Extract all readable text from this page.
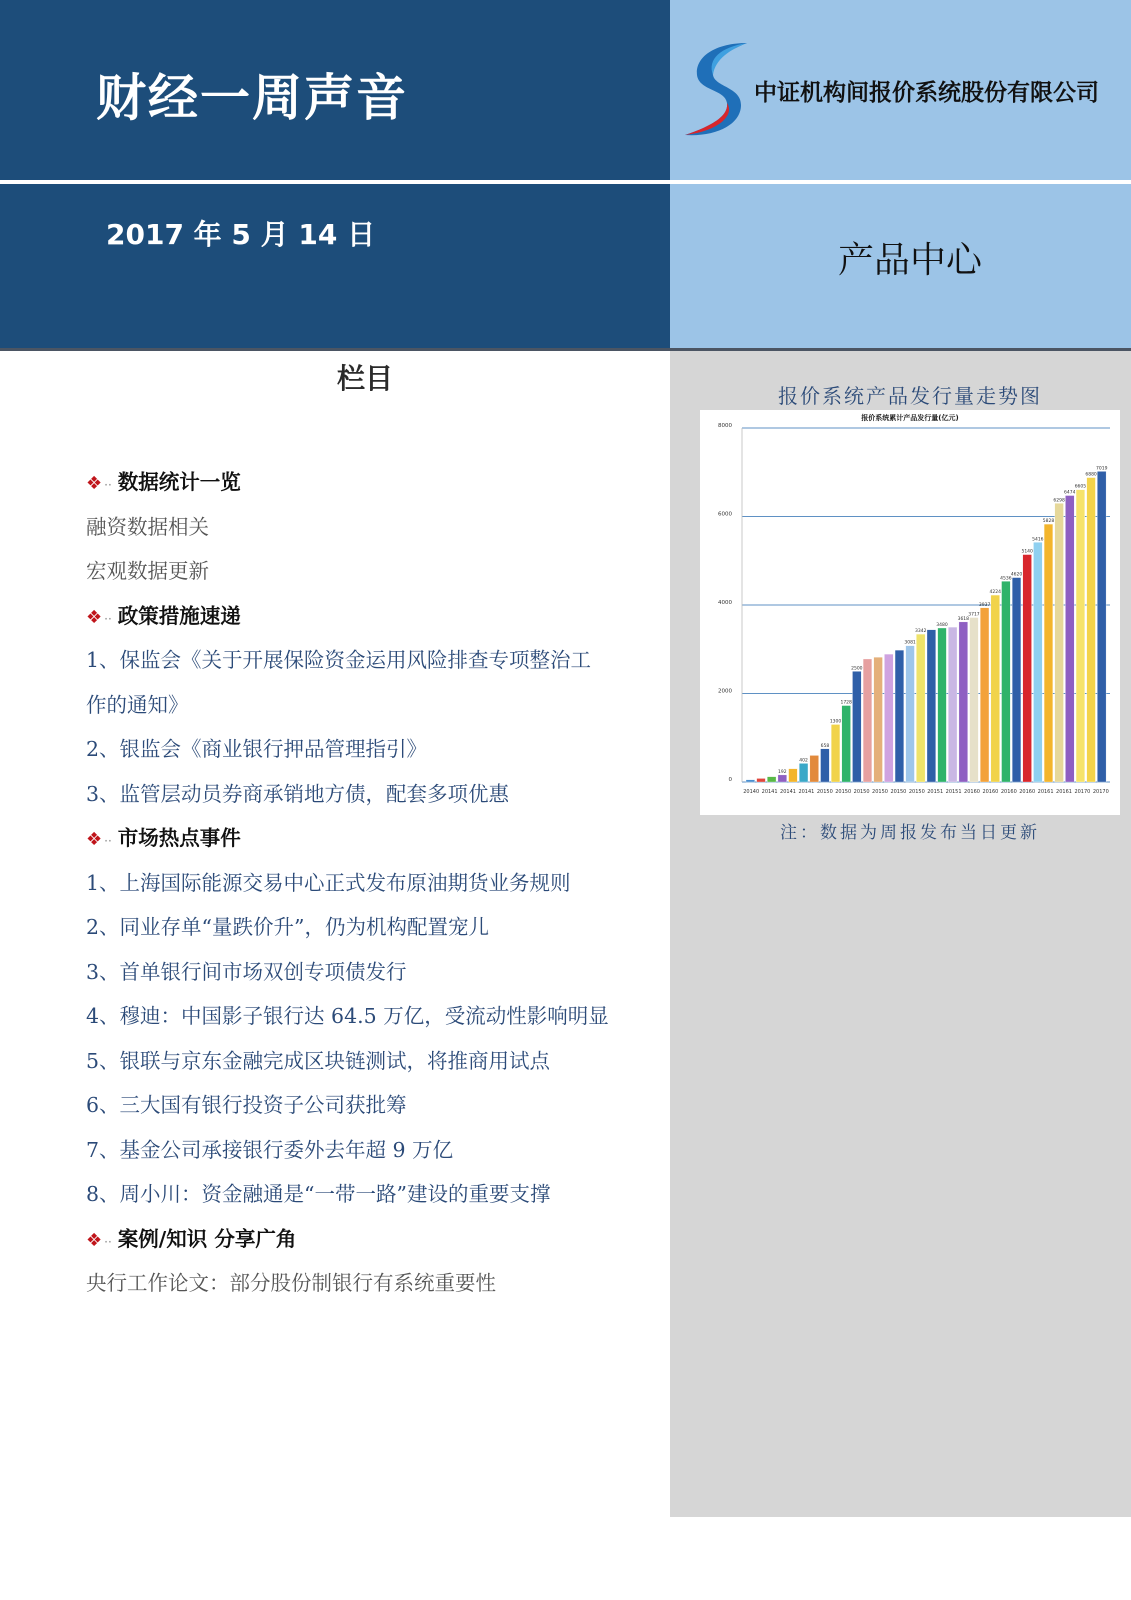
财经一周声音

2017 年 5 月 14 日

中证机构间报价系统股份有限公司

产品中心

栏目
❖ ·· 数据统计一览
融资数据相关
宏观数据更新
❖ ·· 政策措施速递
1、保监会《关于开展保险资金运用风险排查专项整治工
作的通知》
2、银监会《商业银行押品管理指引》
3、监管层动员券商承销地方债，配套多项优惠
❖ ·· 市场热点事件
1、上海国际能源交易中心正式发布原油期货业务规则
2、同业存单“量跌价升”，仍为机构配置宠儿
3、首单银行间市场双创专项债发行
4、穆迪：中国影子银行达 64.5 万亿，受流动性影响明显
5、银联与京东金融完成区块链测试，将推商用试点
6、三大国有银行投资子公司获批筹
7、基金公司承接银行委外去年超 9 万亿
8、周小川：资金融通是“一带一路”建设的重要支撑
❖ ·· 案例/知识 分享广角
央行工作论文：部分股份制银行有系统重要性

报价系统产品发行量走势图

报价系统累计产品发行量(亿元)
0
2000
4000
6000
8000
192
402
658
1300
1728
2500
3081
3342
3480
3618
3717
3937
4224
4536
4620
5140
5416
5828
6298
6474
6605
6880
7019
20140 20141 20141 20141 20150 20150 20150 20150 20150 20150 20151 20151 20160 20160 20160 20160 20161 20161 20170 20170

注：数据为周报发布当日更新
